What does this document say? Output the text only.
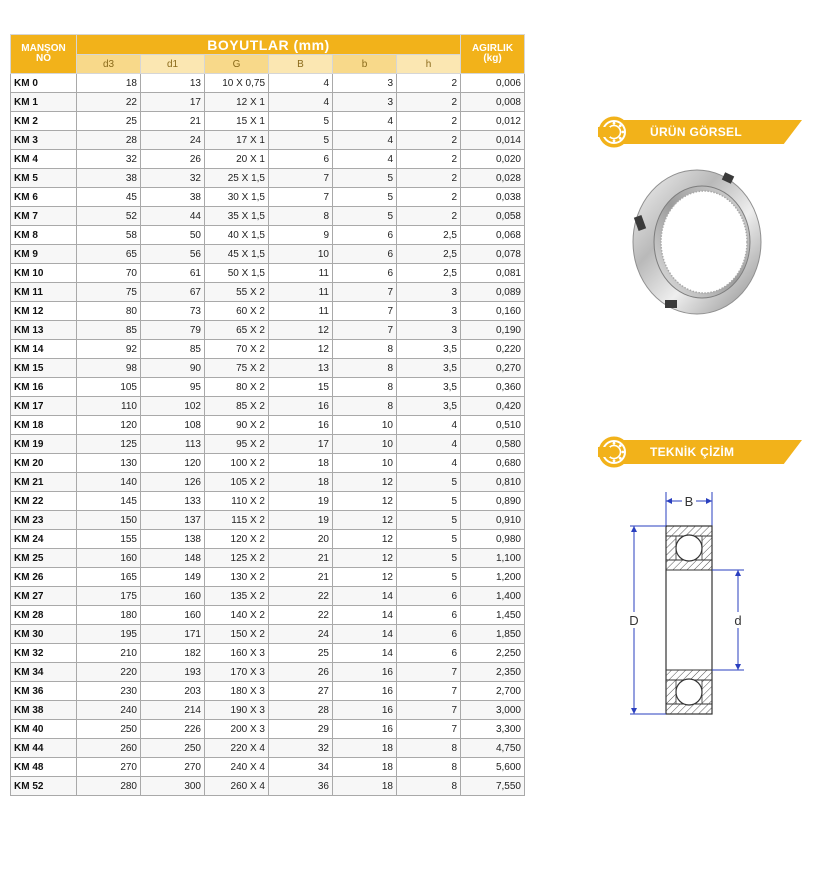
MANŞON
NO	BOYUTLAR (mm)						AGIRLIK
(kg)
	d3	d1	G	B	b	h	
KM 0	18	13	10 X 0,75	4	3	2	0,006
KM 1	22	17	12 X 1	4	3	2	0,008
KM 2	25	21	15 X 1	5	4	2	0,012
KM 3	28	24	17 X 1	5	4	2	0,014
KM 4	32	26	20 X 1	6	4	2	0,020
KM 5	38	32	25 X 1,5	7	5	2	0,028
KM 6	45	38	30 X 1,5	7	5	2	0,038
KM 7	52	44	35 X 1,5	8	5	2	0,058
KM 8	58	50	40 X 1,5	9	6	2,5	0,068
KM 9	65	56	45 X 1,5	10	6	2,5	0,078
KM 10	70	61	50 X 1,5	11	6	2,5	0,081
KM 11	75	67	55 X 2	11	7	3	0,089
KM 12	80	73	60 X 2	11	7	3	0,160
KM 13	85	79	65 X 2	12	7	3	0,190
KM 14	92	85	70 X 2	12	8	3,5	0,220
KM 15	98	90	75 X 2	13	8	3,5	0,270
KM 16	105	95	80 X 2	15	8	3,5	0,360
KM 17	110	102	85 X 2	16	8	3,5	0,420
KM 18	120	108	90 X 2	16	10	4	0,510
KM 19	125	113	95 X 2	17	10	4	0,580
KM 20	130	120	100 X 2	18	10	4	0,680
KM 21	140	126	105 X 2	18	12	5	0,810
KM 22	145	133	110 X 2	19	12	5	0,890
KM 23	150	137	115 X 2	19	12	5	0,910
KM 24	155	138	120 X 2	20	12	5	0,980
KM 25	160	148	125 X 2	21	12	5	1,100
KM 26	165	149	130 X 2	21	12	5	1,200
KM 27	175	160	135 X 2	22	14	6	1,400
KM 28	180	160	140 X 2	22	14	6	1,450
KM 30	195	171	150 X 2	24	14	6	1,850
KM 32	210	182	160 X 3	25	14	6	2,250
KM 34	220	193	170 X 3	26	16	7	2,350
KM 36	230	203	180 X 3	27	16	7	2,700
KM 38	240	214	190 X 3	28	16	7	3,000
KM 40	250	226	200 X 3	29	16	7	3,300
KM 44	260	250	220 X 4	32	18	8	4,750
KM 48	270	270	240 X 4	34	18	8	5,600
KM 52	280	300	260 X 4	36	18	8	7,550
ÜRÜN GÖRSEL
TEKNİK ÇİZİM
B
D	d
